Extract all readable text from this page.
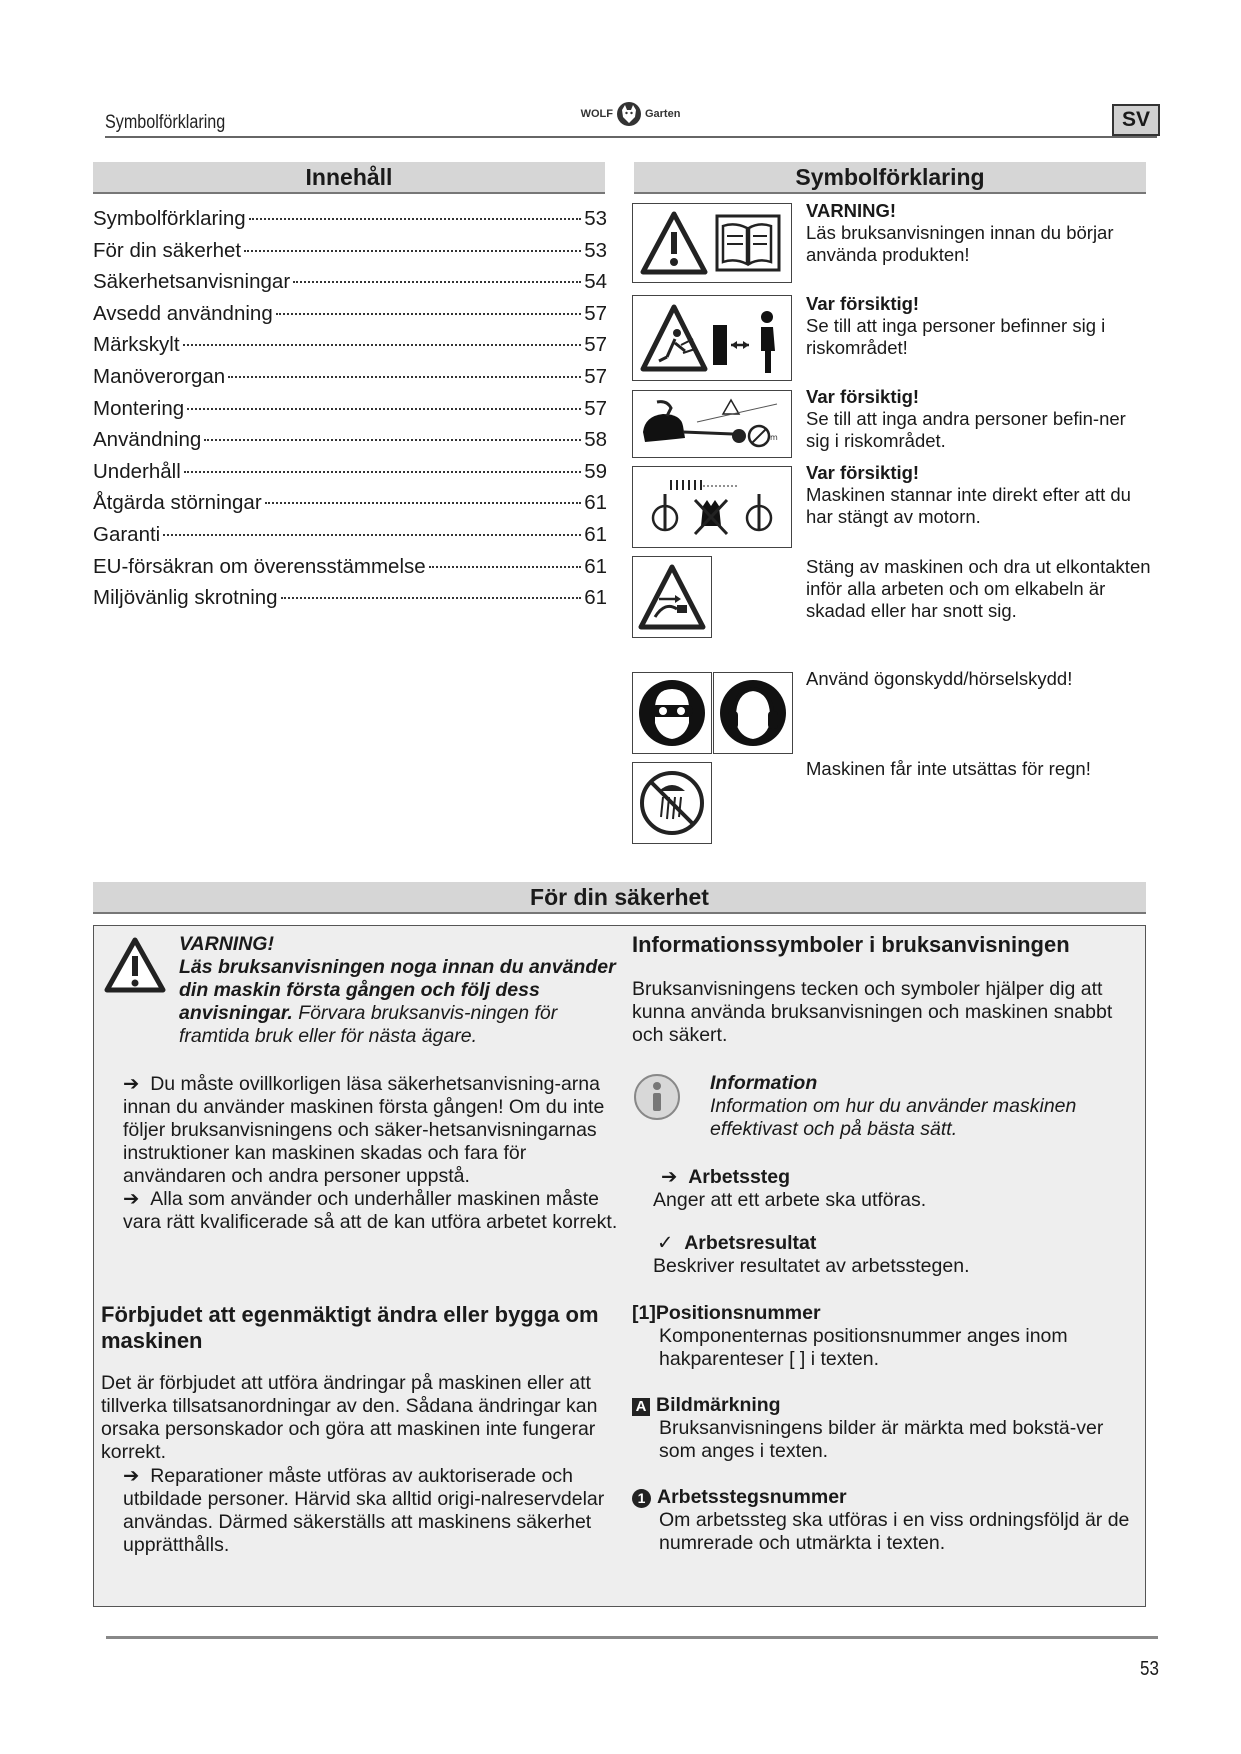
Symbolförklaring	WOLF	Garten	SV
Innehåll
Symbolförklaring	53
För din säkerhet	53
Säkerhetsanvisningar	54
Avsedd användning	57
Märkskylt	57
Manöverorgan	57
Montering	57
Användning	58
Underhåll	59
Åtgärda störningar	61
Garanti	61
EU-försäkran om överensstämmelse	61
Miljövänlig skrotning	61
Symbolförklaring
VARNING!
Läs bruksanvisningen innan du börjar använda produkten!
Var försiktig!
Se till att inga personer befinner sig i riskområdet!
m
Var försiktig!
Se till att inga andra personer befin-ner sig i riskområdet.
Var försiktig!
Maskinen stannar inte direkt efter att du har stängt av motorn.
Stäng av maskinen och dra ut elkontakten inför alla arbeten och om elkabeln är skadad eller har snott sig.
Använd ögonskydd/hörselskydd!
Maskinen får inte utsättas för regn!
För din säkerhet
VARNING!
Läs bruksanvisningen noga innan du använder din maskin första gången och följ dess anvisningar. Förvara bruksanvis-ningen för framtida bruk eller för nästa ägare.
➔ Du måste ovillkorligen läsa säkerhetsanvisning-arna innan du använder maskinen första gången! Om du inte följer bruksanvisningens och säker-hetsanvisningarnas instruktioner kan maskinen skadas och fara för användaren och andra personer uppstå.
➔ Alla som använder och underhåller maskinen måste vara rätt kvalificerade så att de kan utföra arbetet korrekt.
Förbjudet att egenmäktigt ändra eller bygga om maskinen
Det är förbjudet att utföra ändringar på maskinen eller att tillverka tillsatsanordningar av den. Sådana ändringar kan orsaka personskador och göra att maskinen inte fungerar korrekt.
➔ Reparationer måste utföras av auktoriserade och utbildade personer. Härvid ska alltid origi-nalreservdelar användas. Därmed säkerställs att maskinens säkerhet upprätthålls.
Informationssymboler i bruksanvisningen
Bruksanvisningens tecken och symboler hjälper dig att kunna använda bruksanvisningen och maskinen snabbt och säkert.
Information
Information om hur du använder maskinen effektivast och på bästa sätt.
➔ Arbetssteg
Anger att ett arbete ska utföras.
✓ Arbetsresultat
Beskriver resultatet av arbetsstegen.
[1]Positionsnummer
Komponenternas positionsnummer anges inom hakparenteser [ ] i texten.
A Bildmärkning
Bruksanvisningens bilder är märkta med bokstä-ver som anges i texten.
1 Arbetsstegsnummer
Om arbetssteg ska utföras i en viss ordningsföljd är de numrerade och utmärkta i texten.
53
